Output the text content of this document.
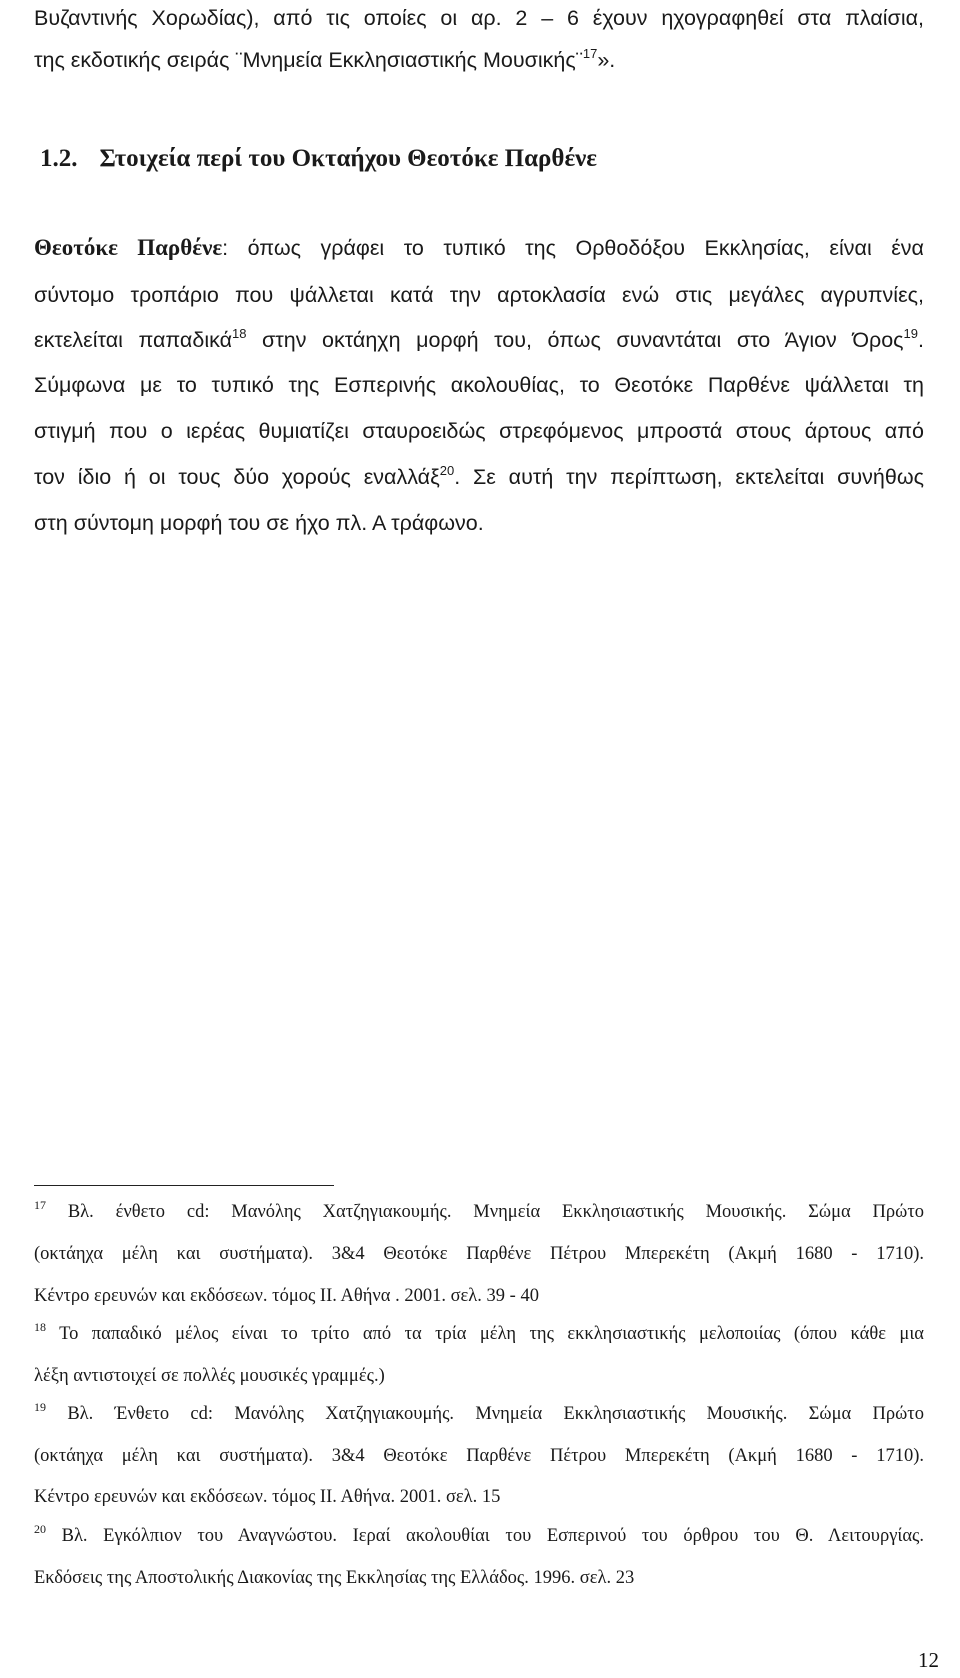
Βυζαντινής Χορωδίας), από τις οποίες οι αρ. 2 – 6 έχουν ηχογραφηθεί στα πλαίσια,
της εκδοτικής σειράς ¨Μνημεία Εκκλησιαστικής Μουσικής¨$^{17}$».
1.2. Στοιχεία περί του Οκταήχου Θεοτόκε Παρθένε
Θεοτόκε Παρθένε: όπως γράφει το τυπικό της Ορθοδόξου Εκκλησίας, είναι ένα
σύντομο τροπάριο που ψάλλεται κατά την αρτοκλασία ενώ στις μεγάλες αγρυπνίες,
εκτελείται παπαδικά$^{18}$ στην οκτάηχη μορφή του, όπως συναντάται στο Άγιον Όρος$^{19}$.
Σύμφωνα με το τυπικό της Εσπερινής ακολουθίας, το Θεοτόκε Παρθένε ψάλλεται τη
στιγμή που ο ιερέας θυμιατίζει σταυροειδώς στρεφόμενος μπροστά στους άρτους από
τον ίδιο ή οι τους δύο χορούς εναλλάξ$^{20}$. Σε αυτή την περίπτωση, εκτελείται συνήθως
στη σύντομη μορφή του σε ήχο πλ. Α τράφωνο.
$^{17}$ Βλ. ένθετο cd: Μανόλης Χατζηγιακουμής. Μνημεία Εκκλησιαστικής Μουσικής. Σώμα Πρώτο
(οκτάηχα μέλη και συστήματα). 3&4 Θεοτόκε Παρθένε Πέτρου Μπερεκέτη (Ακμή 1680 - 1710).
Κέντρο ερευνών και εκδόσεων. τόμος ΙΙ. Αθήνα . 2001. σελ. 39 - 40
$^{18}$ Το παπαδικό μέλος είναι το τρίτο από τα τρία μέλη της εκκλησιαστικής μελοποιίας (όπου κάθε μια
λέξη αντιστοιχεί σε πολλές μουσικές γραμμές.)
$^{19}$ Βλ. Ένθετο cd: Μανόλης Χατζηγιακουμής. Μνημεία Εκκλησιαστικής Μουσικής. Σώμα Πρώτο
(οκτάηχα μέλη και συστήματα). 3&4 Θεοτόκε Παρθένε Πέτρου Μπερεκέτη (Ακμή 1680 - 1710).
Κέντρο ερευνών και εκδόσεων. τόμος ΙΙ. Αθήνα. 2001. σελ. 15
$^{20}$ Βλ. Εγκόλπιον του Αναγνώστου. Ιεραί ακολουθίαι του Εσπερινού του όρθρου του Θ. Λειτουργίας.
Εκδόσεις της Αποστολικής Διακονίας της Εκκλησίας της Ελλάδος. 1996. σελ. 23
12
